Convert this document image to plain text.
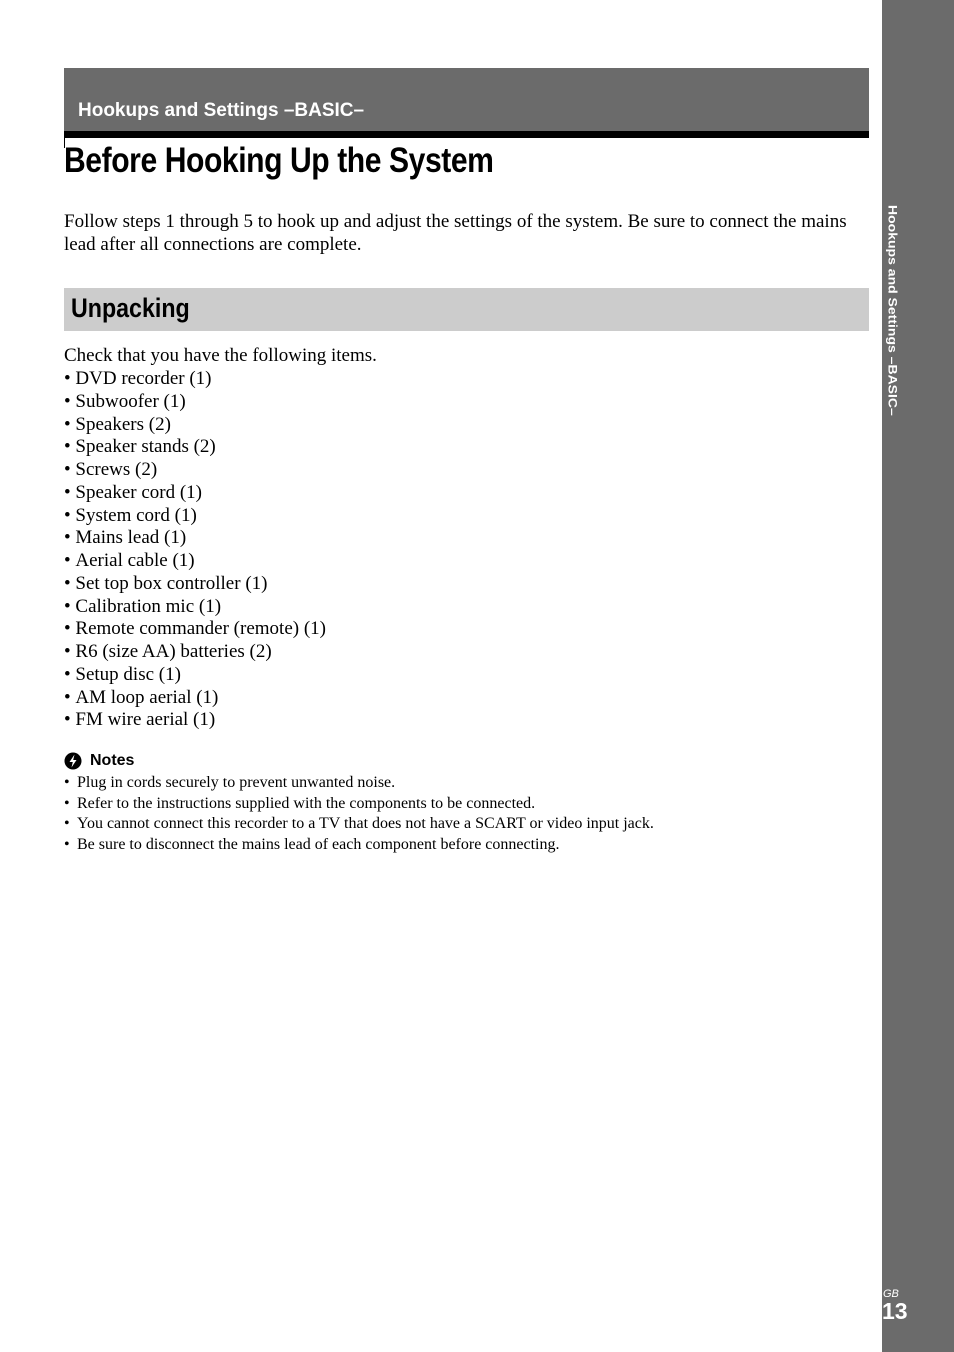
Hookups and Settings –BASIC–
GB
13
Hookups and Settings –BASIC–
Before Hooking Up the System

Follow steps 1 through 5 to hook up and adjust the settings of the system. Be sure to connect the mains lead after all connections are complete.

Unpacking
Check that you have the following items.
• DVD recorder (1)
• Subwoofer (1)
• Speakers (2)
• Speaker stands (2)
• Screws (2)
• Speaker cord (1)
• System cord (1)
• Mains lead (1)
• Aerial cable (1)
• Set top box controller (1)
• Calibration mic (1)
• Remote commander (remote) (1)
• R6 (size AA) batteries (2)
• Setup disc (1)
• AM loop aerial (1)
• FM wire aerial (1)
Notes
• Plug in cords securely to prevent unwanted noise.
• Refer to the instructions supplied with the components to be connected.
• You cannot connect this recorder to a TV that does not have a SCART or video input jack.
• Be sure to disconnect the mains lead of each component before connecting.
